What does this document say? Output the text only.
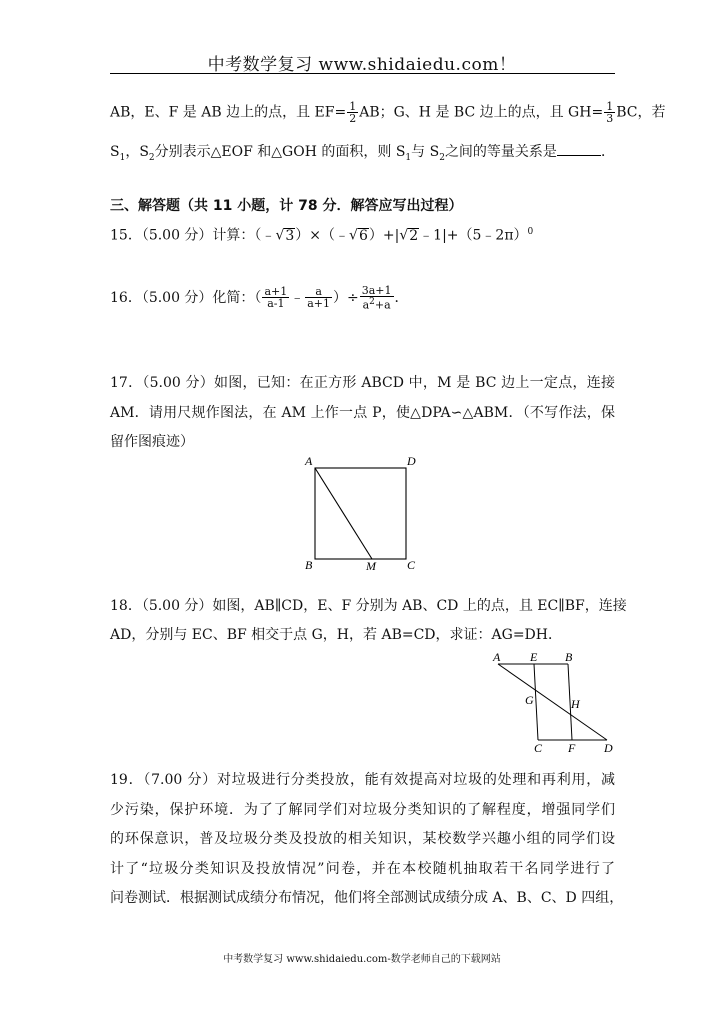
中考数学复习 www.shidaiedu.com！
AB，E、F 是 AB 边上的点，且 $EF= \frac{1}{2}$ AB；G、H 是 BC 边上的点，且 $GH= \frac{1}{3}$ BC，若
$S_1$，$S_2$分别表示△EOF 和△GOH 的面积，则 $S_1$与 $S_2$之间的等量关系是	．
三、解答题（共 11 小题，计 78 分．解答应写出过程）
15．（5.00 分）计算：（﹣√3）×（﹣√6）+|√2﹣1|+（5﹣2π）$^0$
16．（5.00 分）化简：（ $\frac{a+1}{a-1}$ ﹣ $\frac{a}{a+1}$ ）÷ $\frac{3a+1}{a^2+a}$ ．
17．（5.00 分）如图，已知：在正方形 ABCD 中，M 是 BC 边上一定点，连接
AM．请用尺规作图法，在 AM 上作一点 P，使△DPA∽△ABM．（不写作法，保
留作图痕迹）
A	D
B	M	C
18．（5.00 分）如图，AB∥CD，E、F 分别为 AB、CD 上的点，且 EC∥BF，连接
AD，分别与 EC、BF 相交于点 G，H，若 AB=CD，求证：AG=DH．
A E B
G	H
C F D
19．（7.00 分）对垃圾进行分类投放，能有效提高对垃圾的处理和再利用，减
少污染，保护环境．为了了解同学们对垃圾分类知识的了解程度，增强同学们
的环保意识，普及垃圾分类及投放的相关知识，某校数学兴趣小组的同学们设
计了“垃圾分类知识及投放情况”问卷，并在本校随机抽取若干名同学进行了
问卷测试．根据测试成绩分布情况，他们将全部测试成绩分成 A、B、C、D 四组，
中考数学复习 www.shidaiedu.com-数学老师自己的下载网站
